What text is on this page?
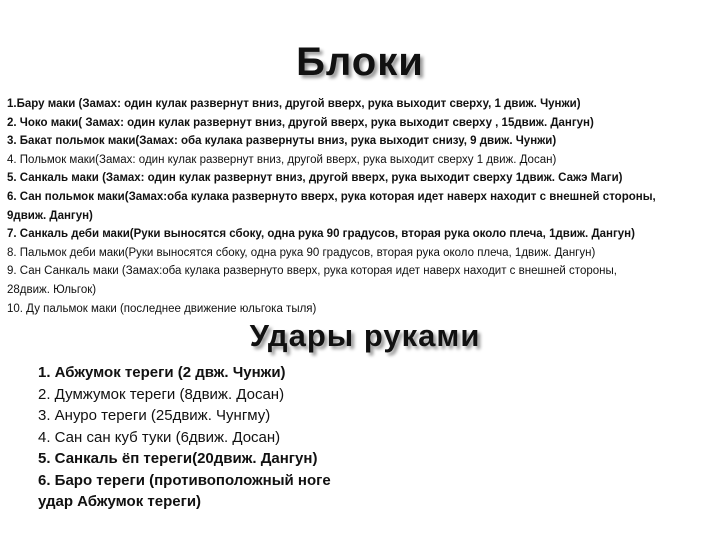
Блоки
1.Бару маки (Замах: один кулак развернут вниз, другой вверх, рука выходит сверху, 1 движ. Чунжи)
2. Чоко маки( Замах: один кулак развернут вниз, другой вверх, рука выходит сверху , 15движ. Дангун)
3. Бакат польмок маки(Замах: оба кулака развернуты вниз, рука выходит снизу, 9 движ. Чунжи)
4. Польмок маки(Замах: один кулак развернут вниз, другой вверх, рука выходит сверху 1 движ. Досан)
5. Санкаль маки (Замах: один кулак развернут вниз, другой вверх, рука выходит сверху 1движ. Сажэ Маги)
6. Сан польмок маки(Замах:оба кулака развернуто вверх, рука которая идет наверх находит с внешней стороны,
9движ. Дангун)
7. Санкаль деби маки(Руки выносятся сбоку, одна рука 90 градусов, вторая рука около плеча, 1движ. Дангун)
8. Пальмок деби маки(Руки выносятся сбоку, одна рука 90 градусов, вторая рука около плеча, 1движ. Дангун)
9. Сан Санкаль маки (Замах:оба кулака развернуто вверх, рука которая идет наверх находит с внешней стороны,
28движ. Юльгок)
10. Ду пальмок маки (последнее движение юльгока тыля)
Удары руками
1. Абжумок тереги (2 двж. Чунжи)
2. Думжумок тереги (8движ. Досан)
3. Ануро тереги (25движ. Чунгму)
4. Сан сан куб туки (6движ. Досан)
5. Санкаль ёп тереги(20движ. Дангун)
6. Баро тереги (противоположный ноге
удар Абжумок тереги)
